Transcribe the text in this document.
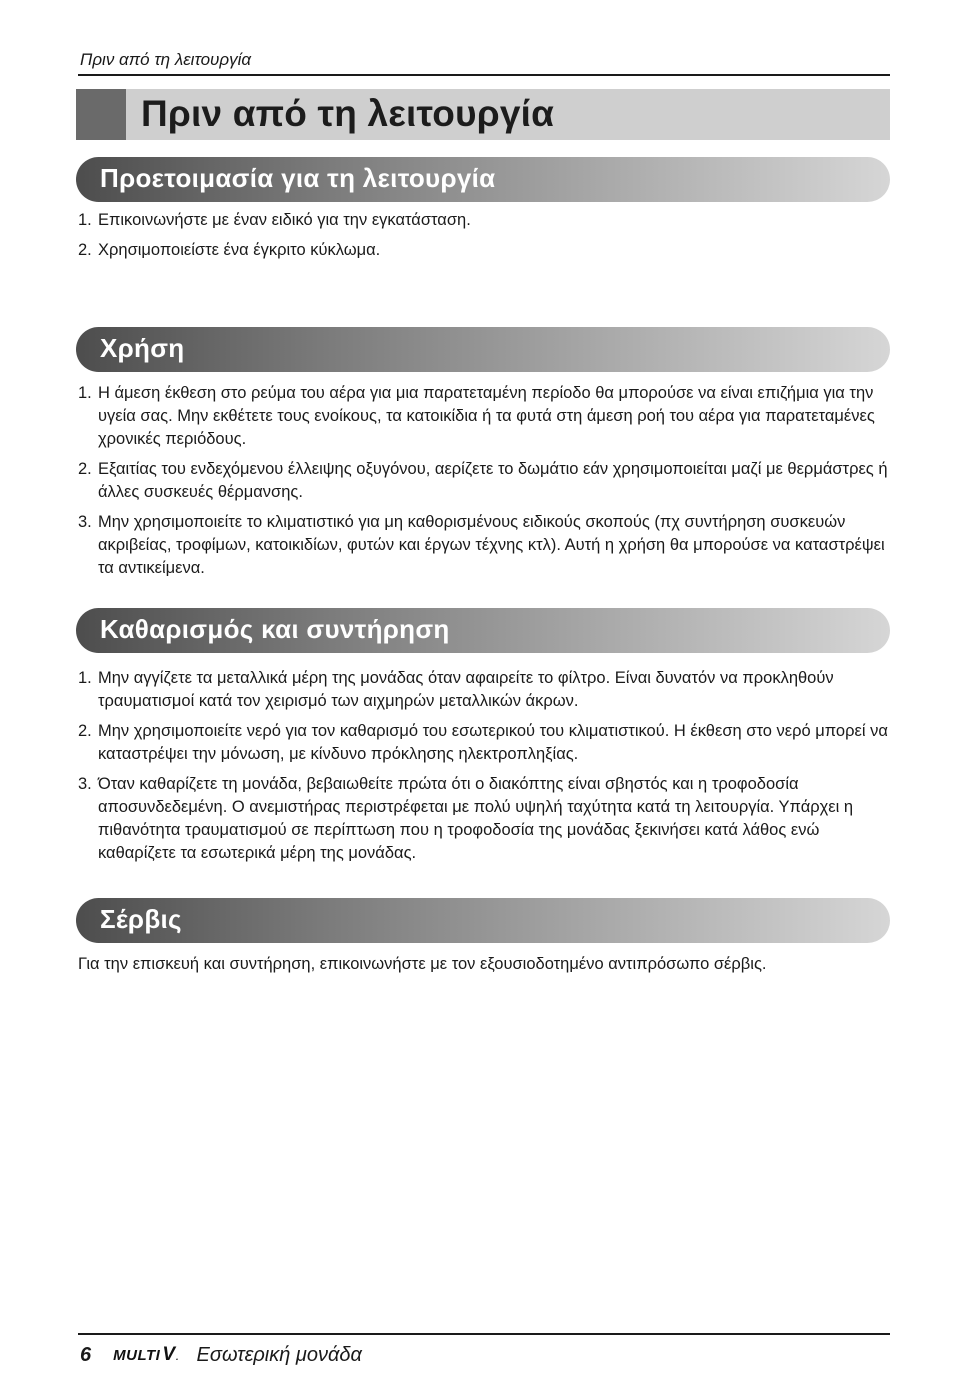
Πριν από τη λειτουργία
Πριν από τη λειτουργία
Προετοιμασία για τη λειτουργία
1. Επικοινωνήστε με έναν ειδικό για την εγκατάσταση.
2. Χρησιμοποιείστε ένα έγκριτο κύκλωμα.
Χρήση
1. Η άμεση έκθεση στο ρεύμα του αέρα για μια παρατεταμένη περίοδο θα μπορούσε να είναι επιζήμια για την υγεία σας. Μην εκθέτετε τους ενοίκους, τα κατοικίδια ή τα φυτά στη άμεση ροή του αέρα για παρατεταμένες χρονικές περιόδους.
2. Εξαιτίας του ενδεχόμενου έλλειψης οξυγόνου, αερίζετε το δωμάτιο εάν χρησιμοποιείται μαζί με θερμάστρες ή άλλες συσκευές θέρμανσης.
3. Μην χρησιμοποιείτε το κλιματιστικό για μη καθορισμένους ειδικούς σκοπούς (πχ συντήρηση συσκευών ακριβείας, τροφίμων, κατοικιδίων, φυτών και έργων τέχνης κτλ). Αυτή η χρήση θα μπορούσε να καταστρέψει τα αντικείμενα.
Καθαρισμός και συντήρηση
1. Μην αγγίζετε τα μεταλλικά μέρη της μονάδας όταν αφαιρείτε το φίλτρο. Είναι δυνατόν να προκληθούν τραυματισμοί κατά τον χειρισμό των αιχμηρών μεταλλικών άκρων.
2. Μην χρησιμοποιείτε νερό για τον καθαρισμό του εσωτερικού του κλιματιστικού. Η έκθεση στο νερό μπορεί να καταστρέψει την μόνωση, με κίνδυνο πρόκλησης ηλεκτροπληξίας.
3. Όταν καθαρίζετε τη μονάδα, βεβαιωθείτε πρώτα ότι ο διακόπτης είναι σβηστός και η τροφοδοσία αποσυνδεδεμένη. Ο ανεμιστήρας περιστρέφεται με πολύ υψηλή ταχύτητα κατά τη λειτουργία. Υπάρχει η πιθανότητα τραυματισμού σε περίπτωση που η τροφοδοσία της μονάδας ξεκινήσει κατά λάθος ενώ καθαρίζετε τα εσωτερικά μέρη της μονάδας.
Σέρβις
Για την επισκευή και συντήρηση, επικοινωνήστε με τον εξουσιοδοτημένο αντιπρόσωπο σέρβις.
6 MULTI V . Εσωτερική μονάδα
